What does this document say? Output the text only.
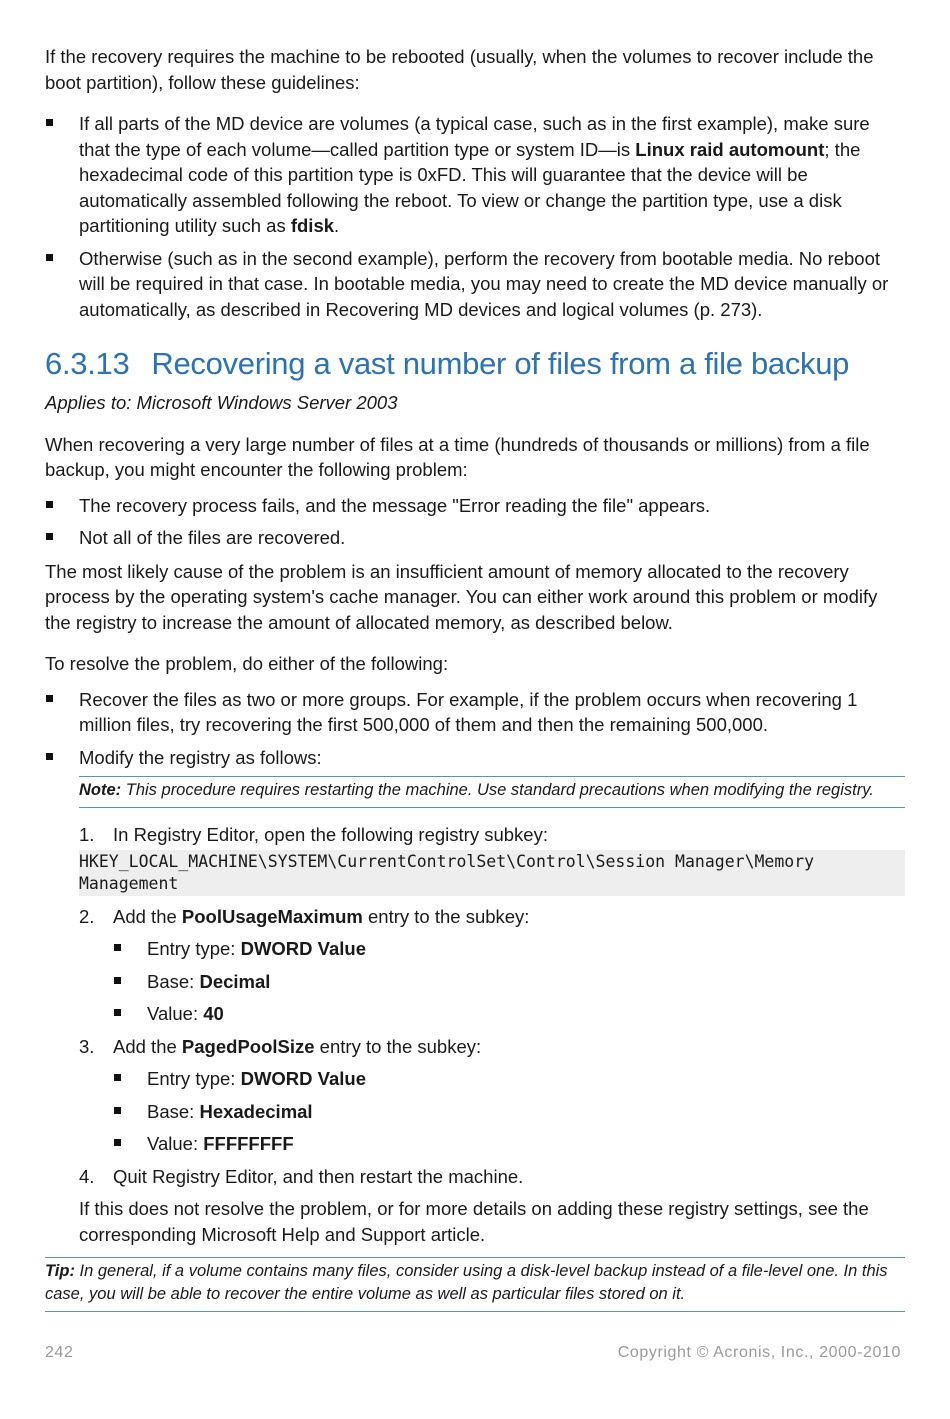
If the recovery requires the machine to be rebooted (usually, when the volumes to recover include the boot partition), follow these guidelines:

If all parts of the MD device are volumes (a typical case, such as in the first example), make sure that the type of each volume—called partition type or system ID—is Linux raid automount; the hexadecimal code of this partition type is 0xFD. This will guarantee that the device will be automatically assembled following the reboot. To view or change the partition type, use a disk partitioning utility such as fdisk.
Otherwise (such as in the second example), perform the recovery from bootable media. No reboot will be required in that case. In bootable media, you may need to create the MD device manually or automatically, as described in Recovering MD devices and logical volumes (p. 273).
6.3.13 Recovering a vast number of files from a file backup

Applies to: Microsoft Windows Server 2003

When recovering a very large number of files at a time (hundreds of thousands or millions) from a file backup, you might encounter the following problem:

The recovery process fails, and the message "Error reading the file" appears.
Not all of the files are recovered.

The most likely cause of the problem is an insufficient amount of memory allocated to the recovery process by the operating system's cache manager. You can either work around this problem or modify the registry to increase the amount of allocated memory, as described below.

To resolve the problem, do either of the following:

Recover the files as two or more groups. For example, if the problem occurs when recovering 1 million files, try recovering the first 500,000 of them and then the remaining 500,000.
Modify the registry as follows:
Note: This procedure requires restarting the machine. Use standard precautions when modifying the registry.
1. In Registry Editor, open the following registry subkey:
HKEY_LOCAL_MACHINE\SYSTEM\CurrentControlSet\Control\Session Manager\Memory Management
2. Add the PoolUsageMaximum entry to the subkey:
Entry type: DWORD Value
Base: Decimal
Value: 40
3. Add the PagedPoolSize entry to the subkey:
Entry type: DWORD Value
Base: Hexadecimal
Value: FFFFFFFF
4. Quit Registry Editor, and then restart the machine.

If this does not resolve the problem, or for more details on adding these registry settings, see the corresponding Microsoft Help and Support article.

Tip: In general, if a volume contains many files, consider using a disk-level backup instead of a file-level one. In this case, you will be able to recover the entire volume as well as particular files stored on it.
242	Copyright © Acronis, Inc., 2000-2010
